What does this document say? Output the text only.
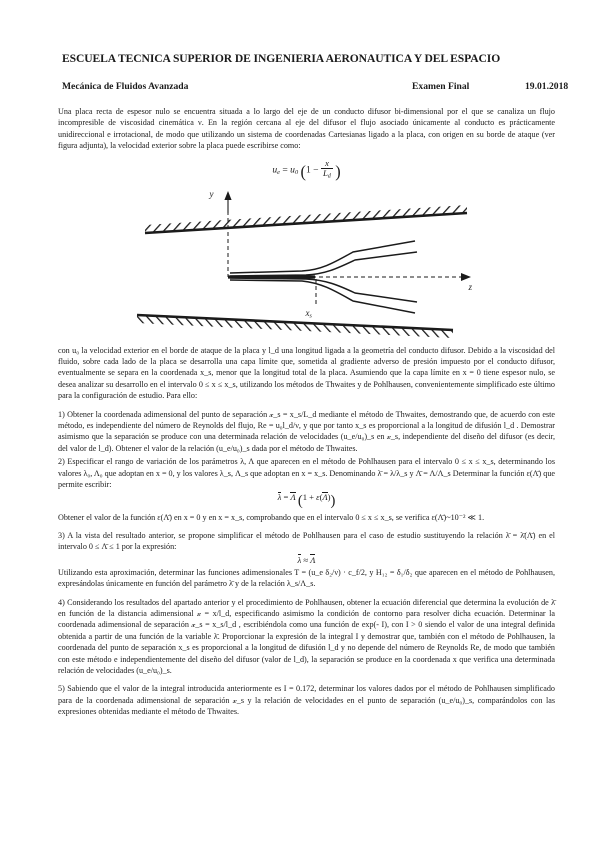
ESCUELA TECNICA SUPERIOR DE INGENIERIA AERONAUTICA Y DEL ESPACIO
Mecánica de Fluidos Avanzada	Examen Final	19.01.2018

Una placa recta de espesor nulo se encuentra situada a lo largo del eje de un conducto difusor bi-dimensional por el que se canaliza un flujo incompresible de viscosidad cinemática ν. En la región cercana al eje del difusor el flujo asociado únicamente al conducto es prácticamente unidireccional e irrotacional, de modo que utilizando un sistema de coordenadas Cartesianas ligado a la placa, con origen en su borde de ataque (ver figura adjunta), la velocidad exterior sobre la placa puede escribirse como:

$u_e = u_0$ ($1 - \frac{x}{L_d}$ )
y
z
$x_s$

con u₀ la velocidad exterior en el borde de ataque de la placa y l_d una longitud ligada a la geometría del conducto difusor. Debido a la viscosidad del fluido, sobre cada lado de la placa se desarrolla una capa límite que, sometida al gradiente adverso de presión impuesto por el conducto difusor, eventualmente se separa en la coordenada x_s, menor que la longitud total de la placa. Asumiendo que la capa límite en x = 0 tiene espesor nulo, se desea analizar su desarrollo en el intervalo 0 ≤ x ≤ x_s, utilizando los métodos de Thwaites y de Pohlhausen, convenientemente simplificado este último para la configuración de estudio. Para ello:

1) Obtener la coordenada adimensional del punto de separación 𝓍_s = x_s/L_d mediante el método de Thwaites, demostrando que, de acuerdo con este método, es independiente del número de Reynolds del flujo, Re = u₀l_d/ν, y que por tanto x_s es proporcional a la longitud de difusión l_d . Demostrar asimismo que la separación se produce con una determinada relación de velocidades (u_e/u₀)_s en 𝓍_s, independiente del diseño del difusor (es decir, del valor de l_d). Obtener el valor de la relación (u_e/u₀)_s dada por el método de Thwaites.

2) Especificar el rango de variación de los parámetros λ, Λ que aparecen en el método de Pohlhausen para el intervalo 0 ≤ x ≤ x_s, determinando los valores λ₀, Λ₀ que adoptan en x = 0, y los valores λ_s, Λ_s que adoptan en x = x_s. Denominando λ̄ = λ/λ_s y Λ̄ = Λ/Λ_s Determinar la función ε(Λ̄) que permite escribir:

λ = Λ (1 + ε(Λ))

Obtener el valor de la función ε(Λ̄) en x = 0 y en x = x_s, comprobando que en el intervalo 0 ≤ x ≤ x_s, se verifica ε(Λ̄)~10⁻² ≪ 1.

3) A la vista del resultado anterior, se propone simplificar el método de Pohlhausen para el caso de estudio sustituyendo la relación λ̄ = λ̄(Λ̄) en el intervalo 0 ≤ Λ̄ ≤ 1 por la expresión:

λ ≈ Λ

Utilizando esta aproximación, determinar las funciones adimensionales T = (u_e δ₂/ν) · c_f/2, y H₁₂ = δ₁/δ₂ que aparecen en el método de Pohlhausen, expresándolas únicamente en función del parámetro λ̄ y de la relación λ_s/Λ_s.

4) Considerando los resultados del apartado anterior y el procedimiento de Pohlhausen, obtener la ecuación diferencial que determina la evolución de λ̄ en función de la distancia adimensional 𝓍 = x/l_d, especificando asimismo la condición de contorno para resolver dicha ecuación. Determinar la coordenada adimensional de separación 𝓍_s = x_s/l_d , escribiéndola como una función de exp(- I), con I > 0 siendo el valor de una integral definida obtenida a partir de una función de la variable λ̄. Proporcionar la expresión de la integral I y demostrar que, también con el método de Pohlhausen, la coordenada del punto de separación x_s es proporcional a la longitud de difusión l_d y no depende del número de Reynolds Re, de modo que también con este método e independientemente del diseño del difusor (valor de l_d), la separación se produce en la coordenada x que verifica una determinada relación de velocidades (u_e/u₀)_s.

5) Sabiendo que el valor de la integral introducida anteriormente es I = 0.172, determinar los valores dados por el método de Pohlhausen simplificado para de la coordenada adimensional de separación 𝓍_s y la relación de velocidades en el punto de separación (u_e/u₀)_s, comparándolos con las expresiones obtenidas mediante el método de Thwaites.
